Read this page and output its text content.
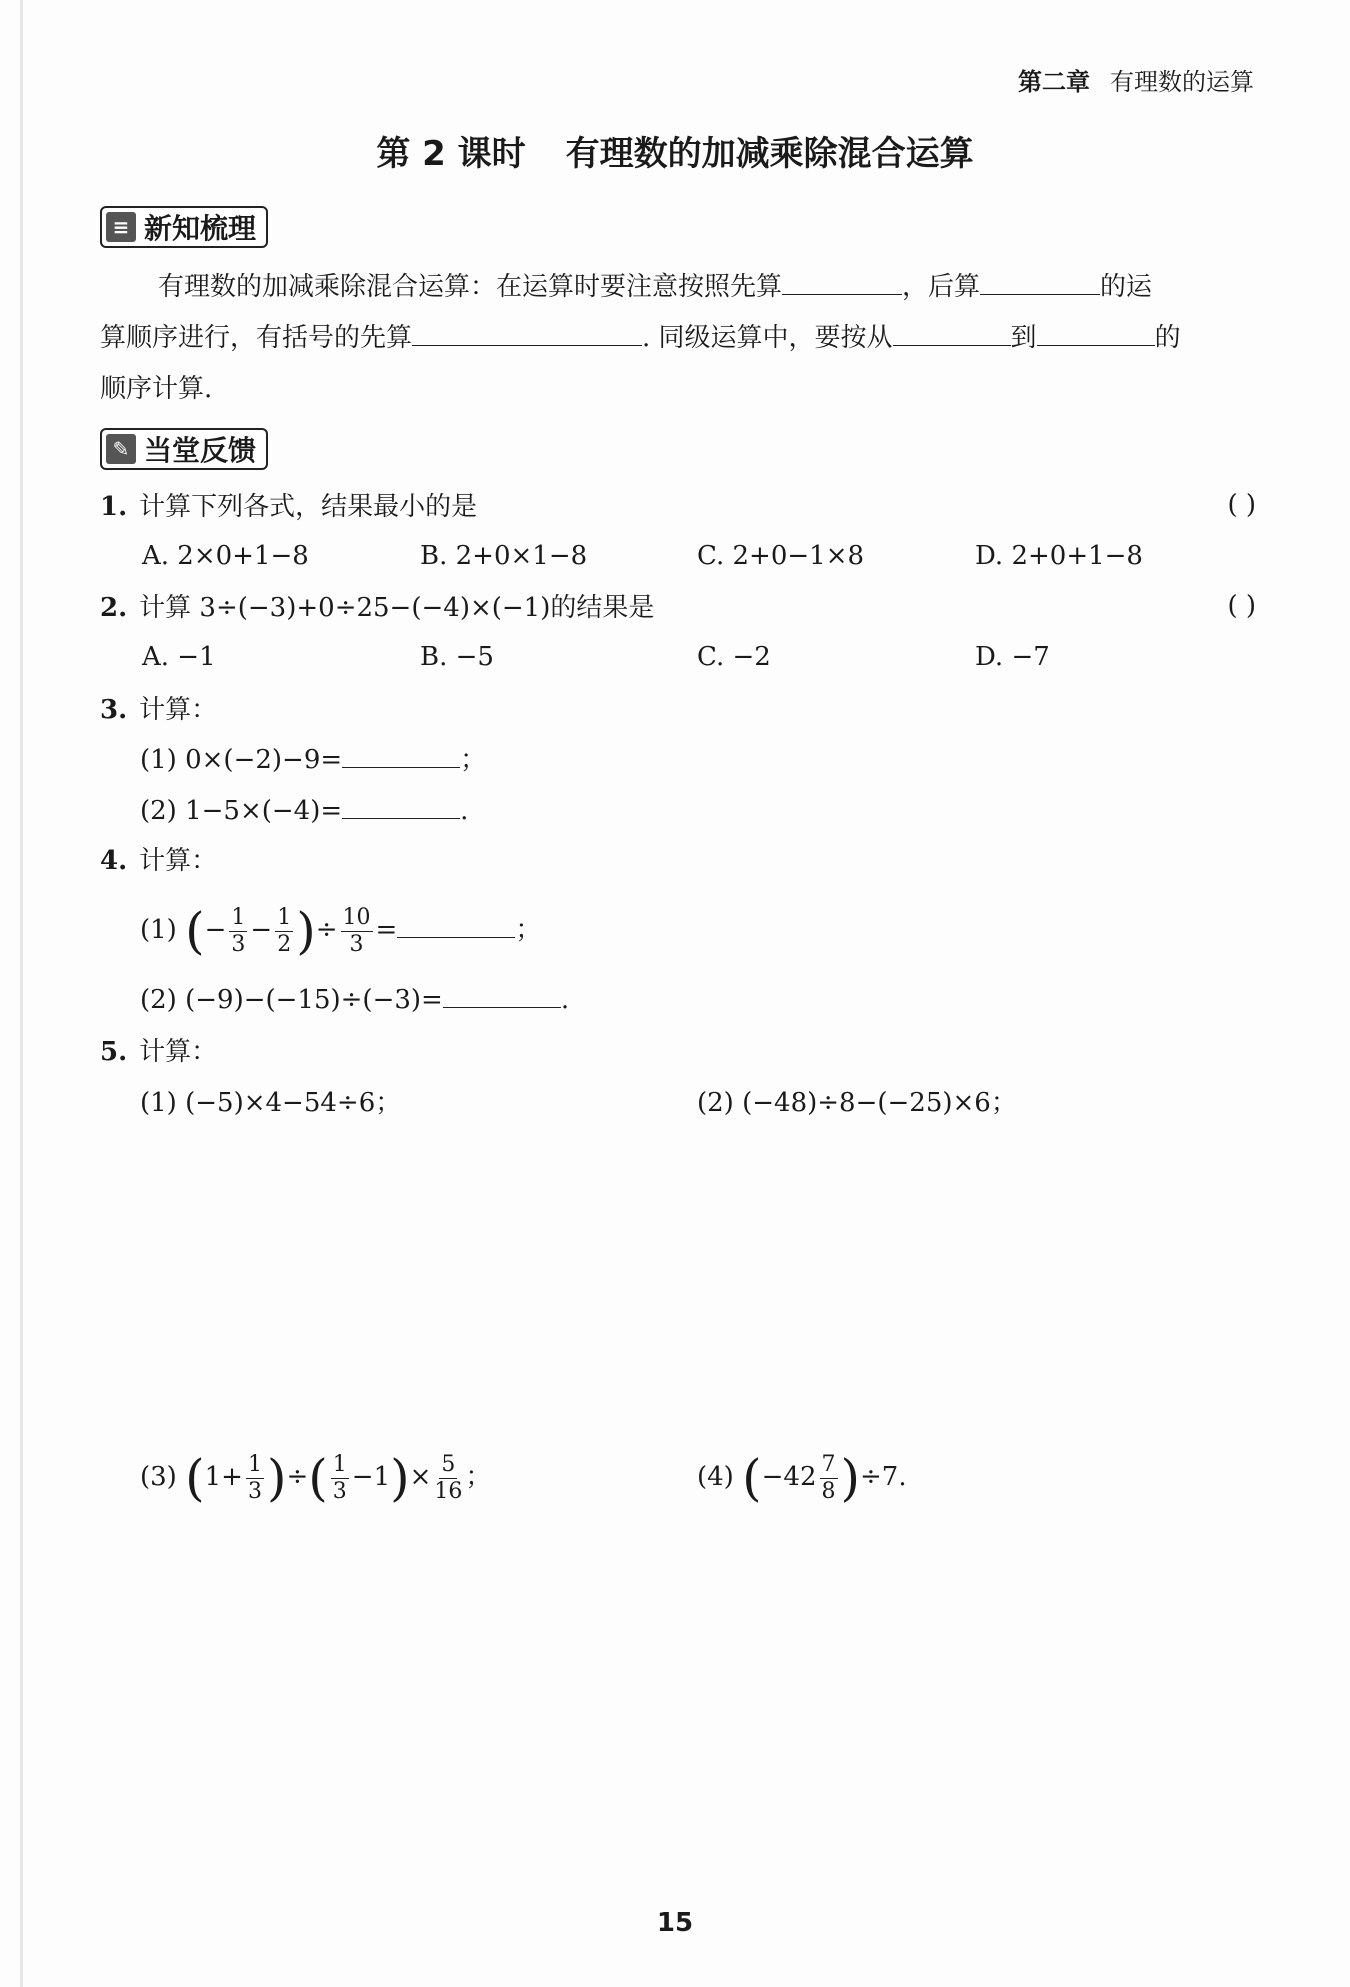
第二章 有理数的运算
第 2 课时 有理数的加减乘除混合运算
≡ 新知梳理
有理数的加减乘除混合运算：在运算时要注意按照先算	，后算	的运
算顺序进行，有括号的先算	. 同级运算中，要按从	到	的
顺序计算.
✎ 当堂反馈
1. 计算下列各式，结果最小的是	( )
A. 2×0+1−8	B. 2+0×1−8	C. 2+0−1×8	D. 2+0+1−8
2. 计算 3÷(−3)+0÷25−(−4)×(−1)的结果是	( )
A. −1	B. −5	C. −2	D. −7
3. 计算：
(1) 0×(−2)−9=	；
(2) 1−5×(−4)=	.
4. 计算：
(1) (− $\frac{1}{3} - \frac{1}{2}$ )÷ $\frac{10}{3}$ =	；
(2) (−9)−(−15)÷(−3)=	.
5. 计算：
(1) (−5)×4−54÷6；	(2) (−48)÷8−(−25)×6；
(3) ($1+ \frac{1}{3}$ )÷( $\frac{1}{3} -1)\times \frac{5}{16}$ ；	(4) $(-42 \frac{7}{8} )\div 7$.
15
